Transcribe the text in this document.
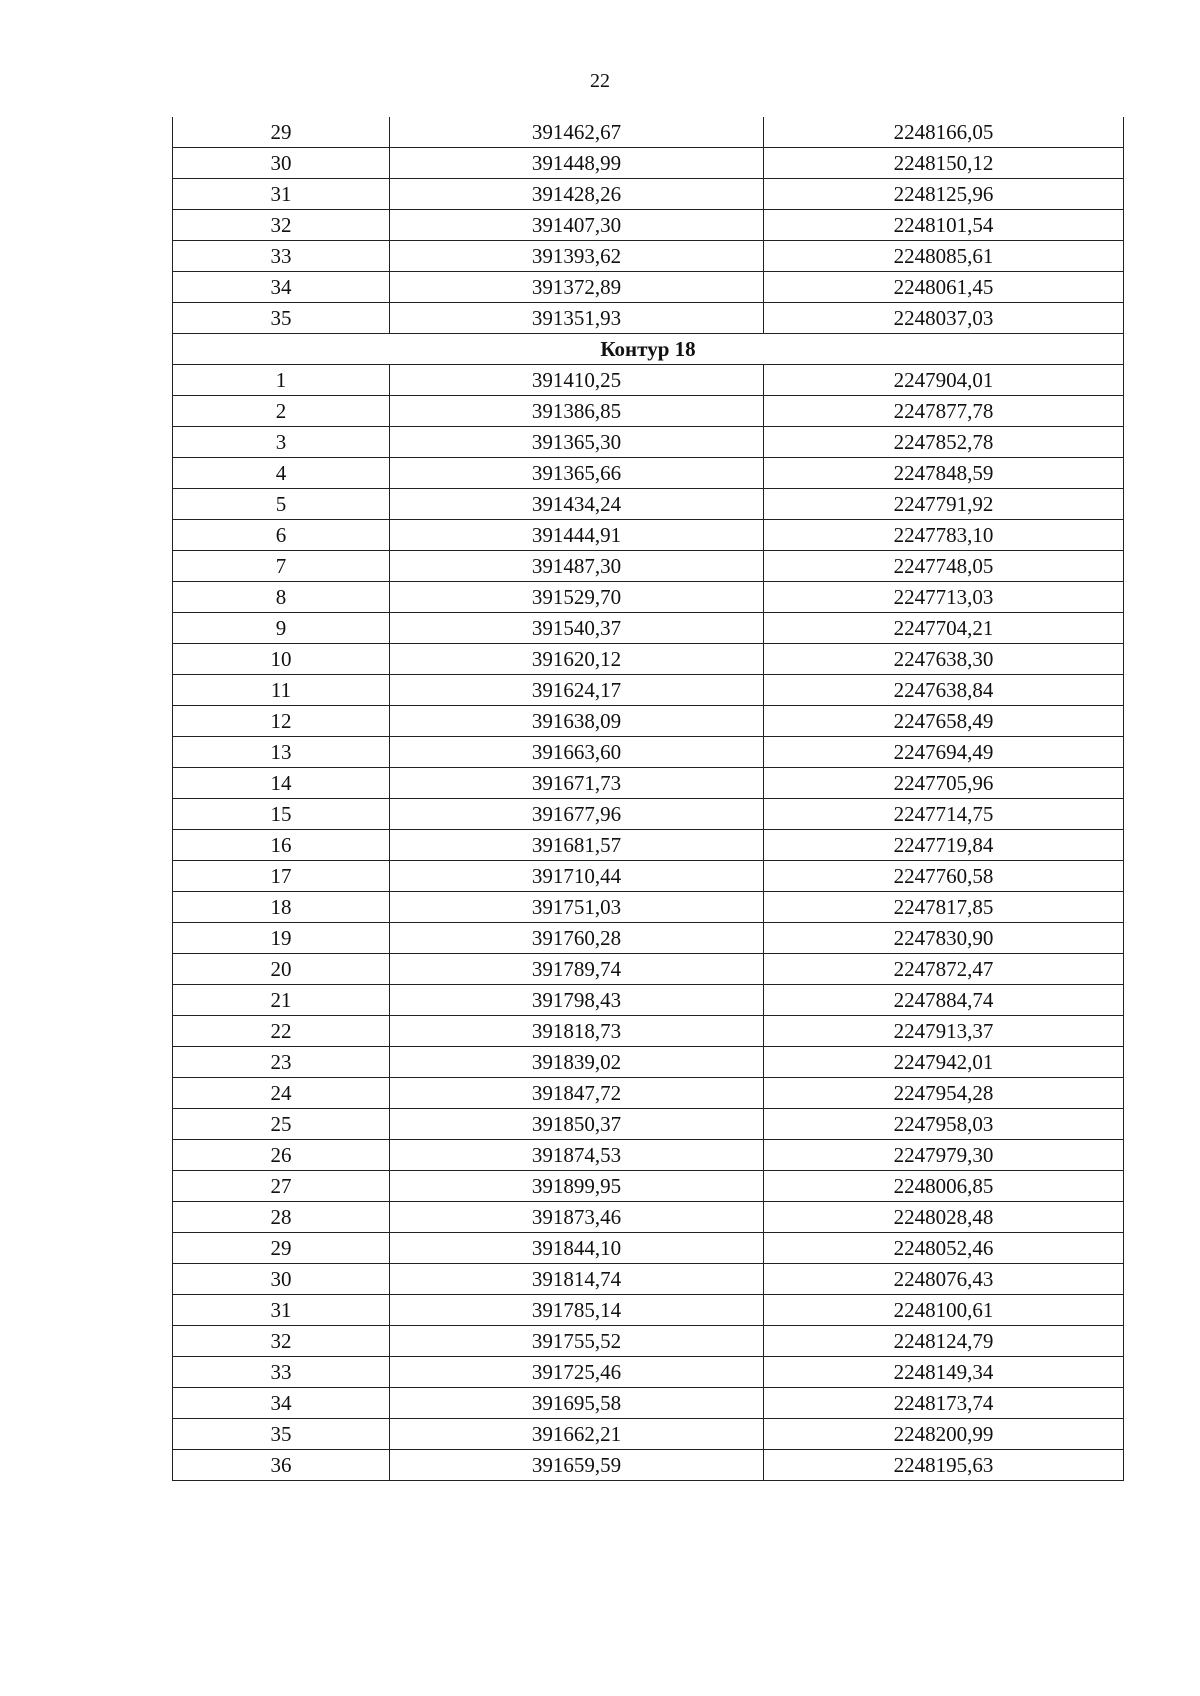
22
29	391462,67	2248166,05
30	391448,99	2248150,12
31	391428,26	2248125,96
32	391407,30	2248101,54
33	391393,62	2248085,61
34	391372,89	2248061,45
35	391351,93	2248037,03
Контур 18		
1	391410,25	2247904,01
2	391386,85	2247877,78
3	391365,30	2247852,78
4	391365,66	2247848,59
5	391434,24	2247791,92
6	391444,91	2247783,10
7	391487,30	2247748,05
8	391529,70	2247713,03
9	391540,37	2247704,21
10	391620,12	2247638,30
11	391624,17	2247638,84
12	391638,09	2247658,49
13	391663,60	2247694,49
14	391671,73	2247705,96
15	391677,96	2247714,75
16	391681,57	2247719,84
17	391710,44	2247760,58
18	391751,03	2247817,85
19	391760,28	2247830,90
20	391789,74	2247872,47
21	391798,43	2247884,74
22	391818,73	2247913,37
23	391839,02	2247942,01
24	391847,72	2247954,28
25	391850,37	2247958,03
26	391874,53	2247979,30
27	391899,95	2248006,85
28	391873,46	2248028,48
29	391844,10	2248052,46
30	391814,74	2248076,43
31	391785,14	2248100,61
32	391755,52	2248124,79
33	391725,46	2248149,34
34	391695,58	2248173,74
35	391662,21	2248200,99
36	391659,59	2248195,63
